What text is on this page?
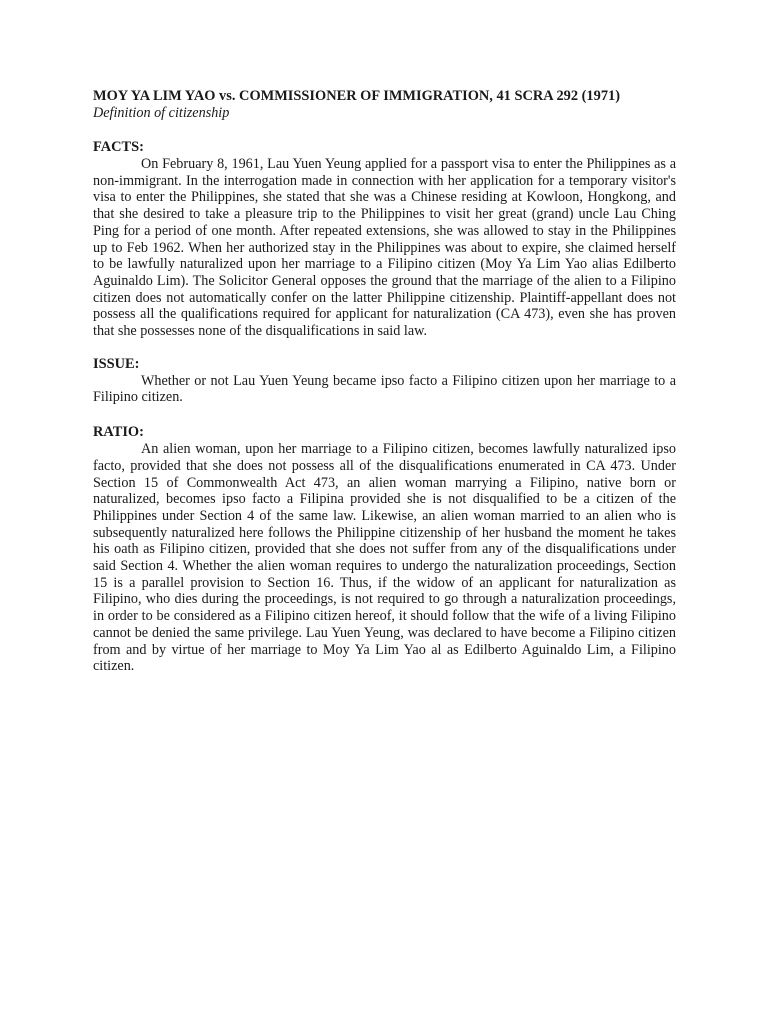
MOY YA LIM YAO vs. COMMISSIONER OF IMMIGRATION, 41 SCRA 292 (1971)
Definition of citizenship
FACTS:

On February 8, 1961, Lau Yuen Yeung applied for a passport visa to enter the Philippines as a non-immigrant. In the interrogation made in connection with her application for a temporary visitor's visa to enter the Philippines, she stated that she was a Chinese residing at Kowloon, Hongkong, and that she desired to take a pleasure trip to the Philippines to visit her great (grand) uncle Lau Ching Ping for a period of one month. After repeated extensions, she was allowed to stay in the Philippines up to Feb 1962. When her authorized stay in the Philippines was about to expire, she claimed herself to be lawfully naturalized upon her marriage to a Filipino citizen (Moy Ya Lim Yao alias Edilberto Aguinaldo Lim). The Solicitor General opposes the ground that the marriage of the alien to a Filipino citizen does not automatically confer on the latter Philippine citizenship. Plaintiff-appellant does not possess all the qualifications required for applicant for naturalization (CA 473), even she has proven that she possesses none of the disqualifications in said law.

ISSUE:

Whether or not Lau Yuen Yeung became ipso facto a Filipino citizen upon her marriage to a Filipino citizen.

RATIO:

An alien woman, upon her marriage to a Filipino citizen, becomes lawfully naturalized ipso facto, provided that she does not possess all of the disqualifications enumerated in CA 473. Under Section 15 of Commonwealth Act 473, an alien woman marrying a Filipino, native born or naturalized, becomes ipso facto a Filipina provided she is not disqualified to be a citizen of the Philippines under Section 4 of the same law. Likewise, an alien woman married to an alien who is subsequently naturalized here follows the Philippine citizenship of her husband the moment he takes his oath as Filipino citizen, provided that she does not suffer from any of the disqualifications under said Section 4. Whether the alien woman requires to undergo the naturalization proceedings, Section 15 is a parallel provision to Section 16. Thus, if the widow of an applicant for naturalization as Filipino, who dies during the proceedings, is not required to go through a naturalization proceedings, in order to be considered as a Filipino citizen hereof, it should follow that the wife of a living Filipino cannot be denied the same privilege. Lau Yuen Yeung, was declared to have become a Filipino citizen from and by virtue of her marriage to Moy Ya Lim Yao al as Edilberto Aguinaldo Lim, a Filipino citizen.
